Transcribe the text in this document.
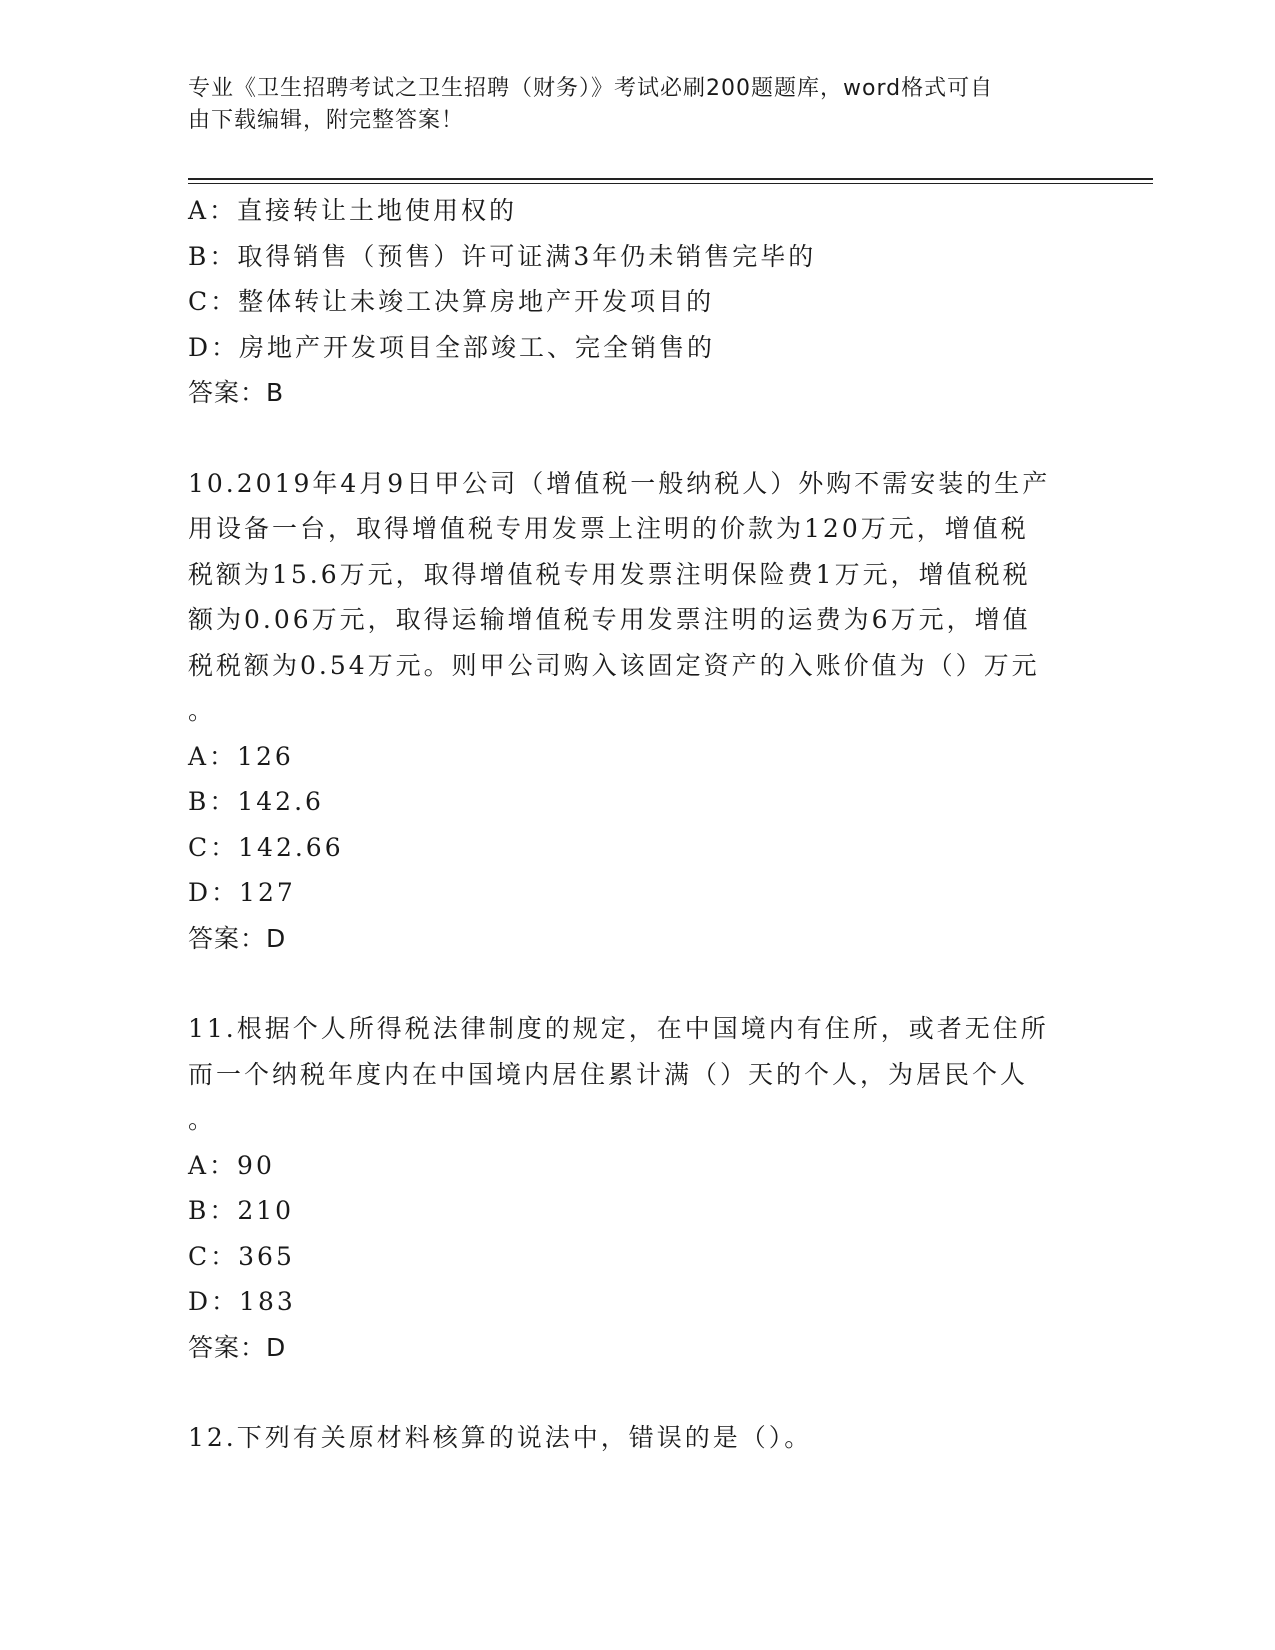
专业《卫生招聘考试之卫生招聘（财务）》考试必刷200题题库，word格式可自
由下载编辑，附完整答案！
A：直接转让土地使用权的
B：取得销售（预售）许可证满3年仍未销售完毕的
C：整体转让未竣工决算房地产开发项目的
D：房地产开发项目全部竣工、完全销售的
答案：B
10.2019年4月9日甲公司（增值税一般纳税人）外购不需安装的生产
用设备一台，取得增值税专用发票上注明的价款为120万元，增值税
税额为15.6万元，取得增值税专用发票注明保险费1万元，增值税税
额为0.06万元，取得运输增值税专用发票注明的运费为6万元，增值
税税额为0.54万元。则甲公司购入该固定资产的入账价值为（）万元
。
A：126
B：142.6
C：142.66
D：127
答案：D
11.根据个人所得税法律制度的规定，在中国境内有住所，或者无住所
而一个纳税年度内在中国境内居住累计满（）天的个人，为居民个人
。
A：90
B：210
C：365
D：183
答案：D
12.下列有关原材料核算的说法中，错误的是（）。
